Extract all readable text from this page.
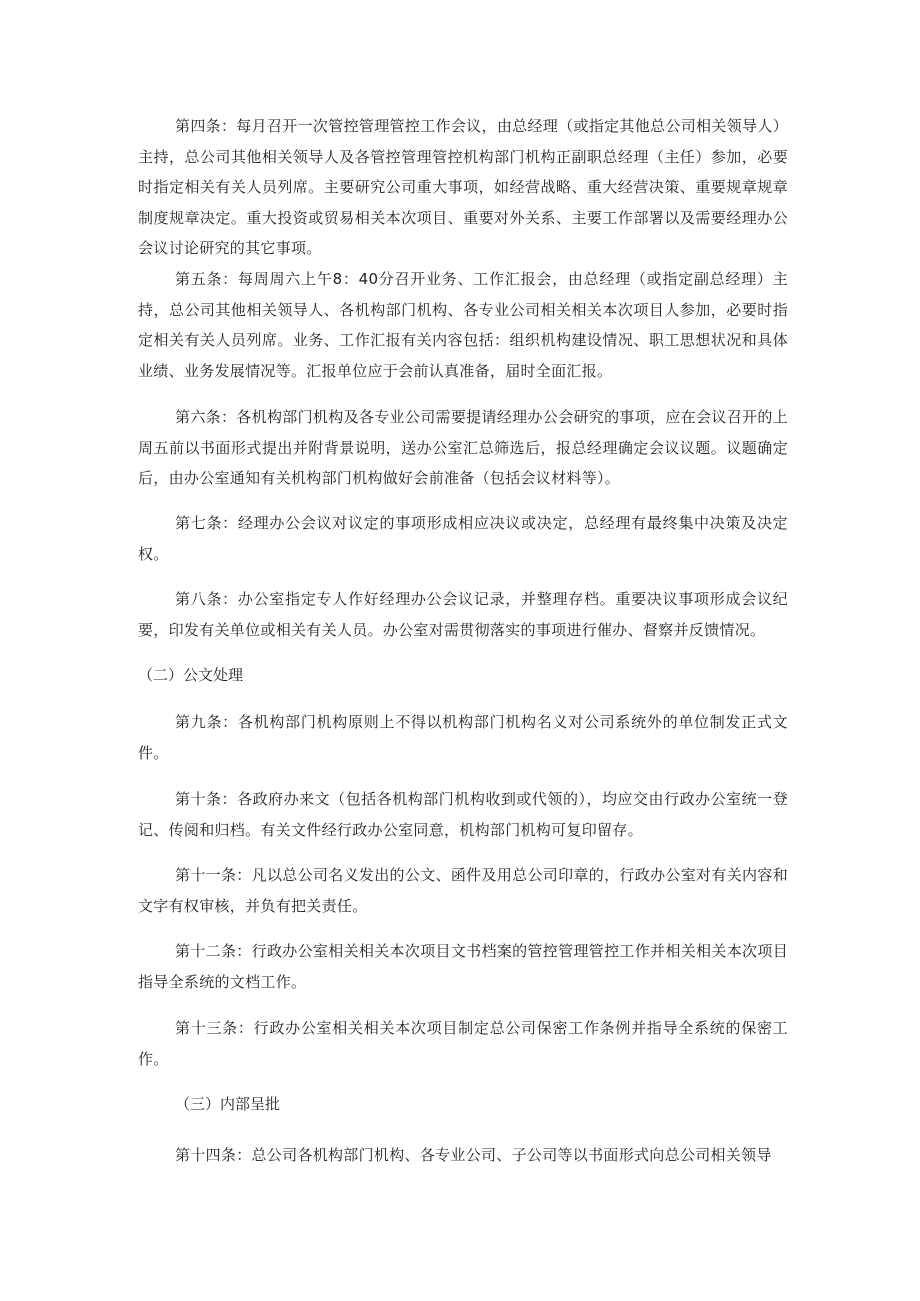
第四条：每月召开一次管控管理管控工作会议，由总经理（或指定其他总公司相关领导人）主持，总公司其他相关领导人及各管控管理管控机构部门机构正副职总经理（主任）参加，必要时指定相关有关人员列席。主要研究公司重大事项，如经营战略、重大经营决策、重要规章规章制度规章决定。重大投资或贸易相关本次项目、重要对外关系、主要工作部署以及需要经理办公会议讨论研究的其它事项。

第五条：每周周六上午8：40分召开业务、工作汇报会，由总经理（或指定副总经理）主持，总公司其他相关领导人、各机构部门机构、各专业公司相关相关本次项目人参加，必要时指定相关有关人员列席。业务、工作汇报有关内容包括：组织机构建设情况、职工思想状况和具体业绩、业务发展情况等。汇报单位应于会前认真准备，届时全面汇报。

第六条：各机构部门机构及各专业公司需要提请经理办公会研究的事项，应在会议召开的上周五前以书面形式提出并附背景说明，送办公室汇总筛选后，报总经理确定会议议题。议题确定后，由办公室通知有关机构部门机构做好会前准备（包括会议材料等）。

第七条：经理办公会议对议定的事项形成相应决议或决定，总经理有最终集中决策及决定权。

第八条：办公室指定专人作好经理办公会议记录，并整理存档。重要决议事项形成会议纪要，印发有关单位或相关有关人员。办公室对需贯彻落实的事项进行催办、督察并反馈情况。

（二）公文处理

第九条：各机构部门机构原则上不得以机构部门机构名义对公司系统外的单位制发正式文件。

第十条：各政府办来文（包括各机构部门机构收到或代领的），均应交由行政办公室统一登记、传阅和归档。有关文件经行政办公室同意，机构部门机构可复印留存。

第十一条：凡以总公司名义发出的公文、函件及用总公司印章的，行政办公室对有关内容和文字有权审核，并负有把关责任。

第十二条：行政办公室相关相关本次项目文书档案的管控管理管控工作并相关相关本次项目指导全系统的文档工作。

第十三条：行政办公室相关相关本次项目制定总公司保密工作条例并指导全系统的保密工作。

（三）内部呈批

第十四条：总公司各机构部门机构、各专业公司、子公司等以书面形式向总公司相关领导
